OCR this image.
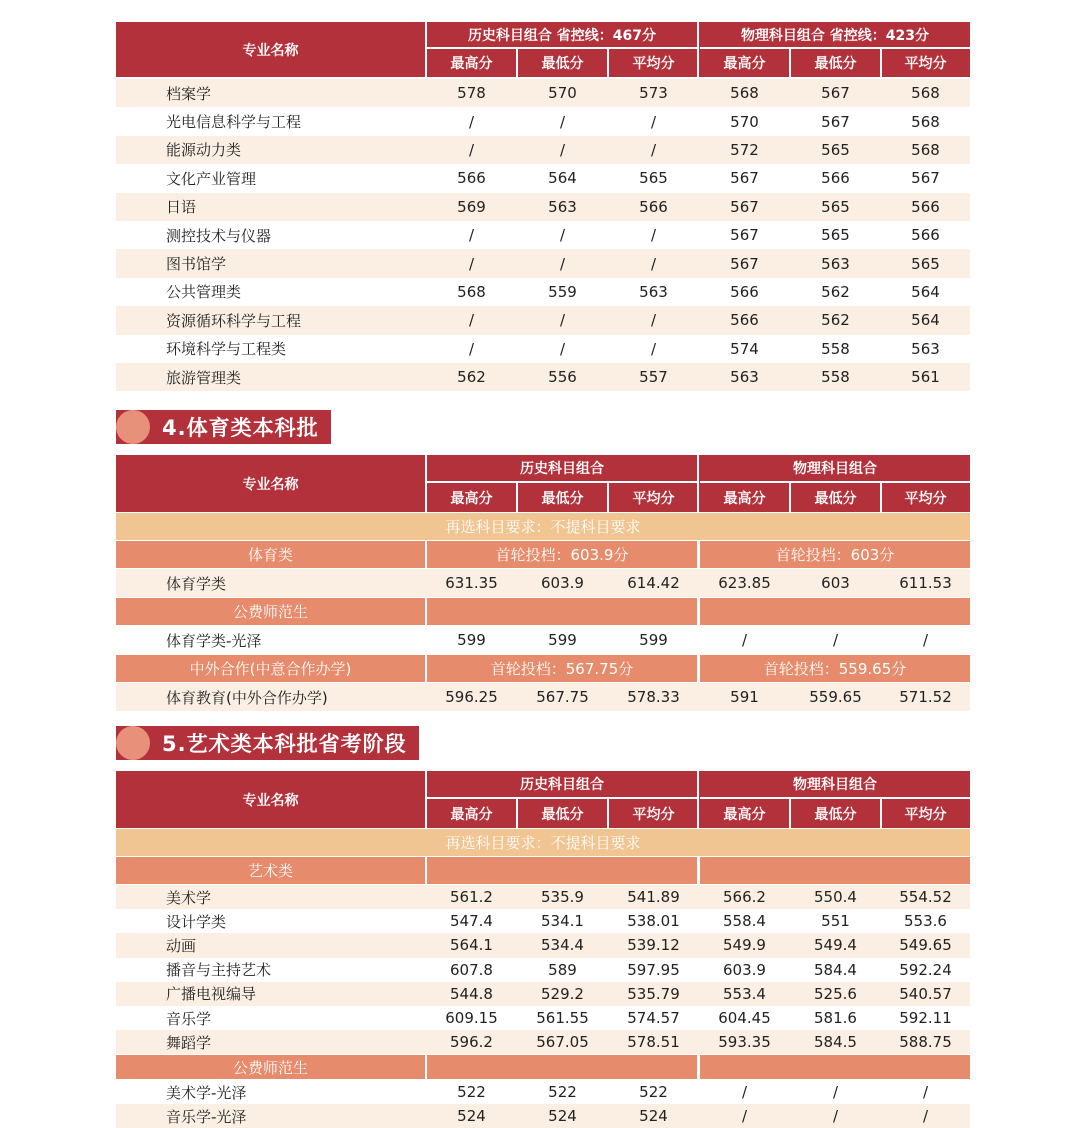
专业名称
历史科目组合 省控线：467分	物理科目组合 省控线：423分
最高分	最低分	平均分	最高分	最低分	平均分
档案学	578	570	573	568	567	568
光电信息科学与工程	/	/	/	570	567	568
能源动力类	/	/	/	572	565	568
文化产业管理	566	564	565	567	566	567
日语	569	563	566	567	565	566
测控技术与仪器	/	/	/	567	565	566
图书馆学	/	/	/	567	563	565
公共管理类	568	559	563	566	562	564
资源循环科学与工程	/	/	/	566	562	564
环境科学与工程类	/	/	/	574	558	563
旅游管理类	562	556	557	563	558	561
4.体育类本科批
专业名称
历史科目组合	物理科目组合
最高分	最低分	平均分	最高分	最低分	平均分
再选科目要求：不提科目要求
体育类	首轮投档：603.9分	首轮投档：603分
体育学类	631.35	603.9	614.42	623.85	603	611.53
公费师范生
体育学类-光泽	599	599	599	/	/	/
中外合作(中意合作办学)	首轮投档：567.75分	首轮投档：559.65分
体育教育(中外合作办学)	596.25	567.75	578.33	591	559.65	571.52
5.艺术类本科批省考阶段
专业名称
历史科目组合	物理科目组合
最高分	最低分	平均分	最高分	最低分	平均分
再选科目要求：不提科目要求
艺术类
美术学	561.2	535.9	541.89	566.2	550.4	554.52
设计学类	547.4	534.1	538.01	558.4	551	553.6
动画	564.1	534.4	539.12	549.9	549.4	549.65
播音与主持艺术	607.8	589	597.95	603.9	584.4	592.24
广播电视编导	544.8	529.2	535.79	553.4	525.6	540.57
音乐学	609.15	561.55	574.57	604.45	581.6	592.11
舞蹈学	596.2	567.05	578.51	593.35	584.5	588.75
公费师范生
美术学-光泽	522	522	522	/	/	/
音乐学-光泽	524	524	524	/	/	/
